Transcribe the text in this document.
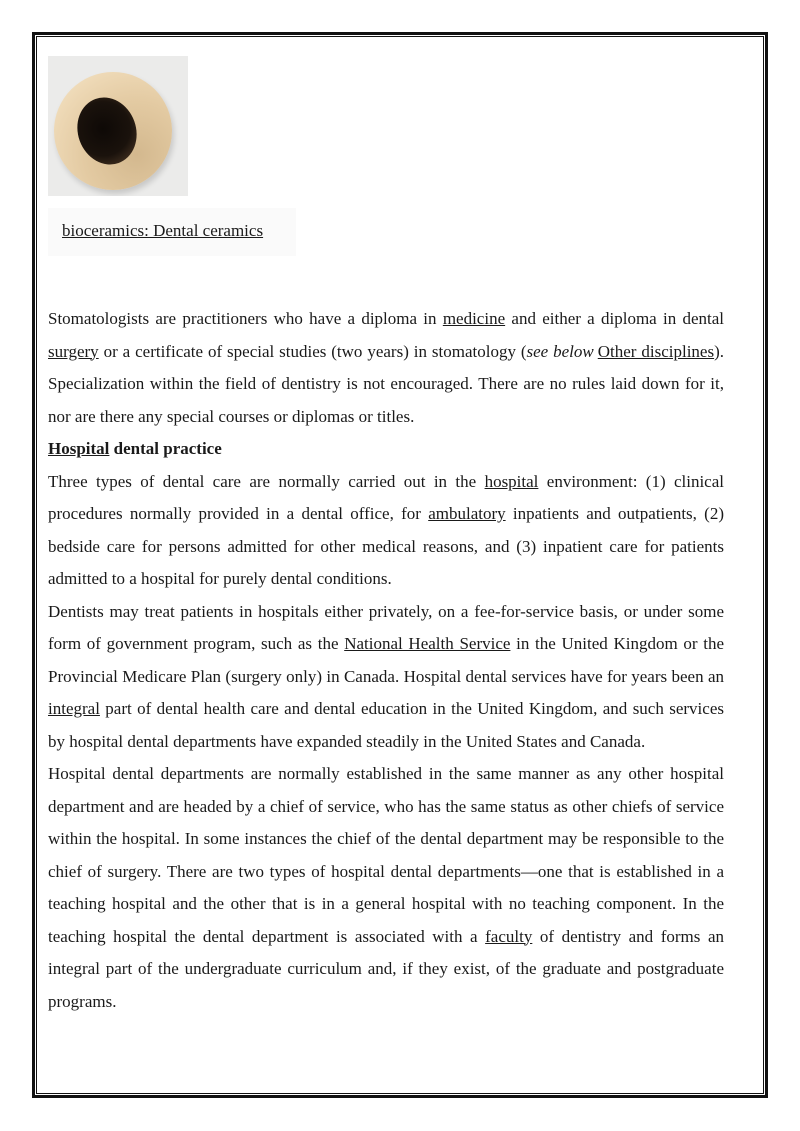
bioceramics: Dental ceramics

Stomatologists are practitioners who have a diploma in medicine and either a diploma in dental surgery or a certificate of special studies (two years) in stomatology (see below Other disciplines). Specialization within the field of dentistry is not encouraged. There are no rules laid down for it, nor are there any special courses or diplomas or titles.

Hospital dental practice

Three types of dental care are normally carried out in the hospital environment: (1) clinical procedures normally provided in a dental office, for ambulatory inpatients and outpatients, (2) bedside care for persons admitted for other medical reasons, and (3) inpatient care for patients admitted to a hospital for purely dental conditions.

Dentists may treat patients in hospitals either privately, on a fee-for-service basis, or under some form of government program, such as the National Health Service in the United Kingdom or the Provincial Medicare Plan (surgery only) in Canada. Hospital dental services have for years been an integral part of dental health care and dental education in the United Kingdom, and such services by hospital dental departments have expanded steadily in the United States and Canada.

Hospital dental departments are normally established in the same manner as any other hospital department and are headed by a chief of service, who has the same status as other chiefs of service within the hospital. In some instances the chief of the dental department may be responsible to the chief of surgery. There are two types of hospital dental departments—one that is established in a teaching hospital and the other that is in a general hospital with no teaching component. In the teaching hospital the dental department is associated with a faculty of dentistry and forms an integral part of the undergraduate curriculum and, if they exist, of the graduate and postgraduate programs.
